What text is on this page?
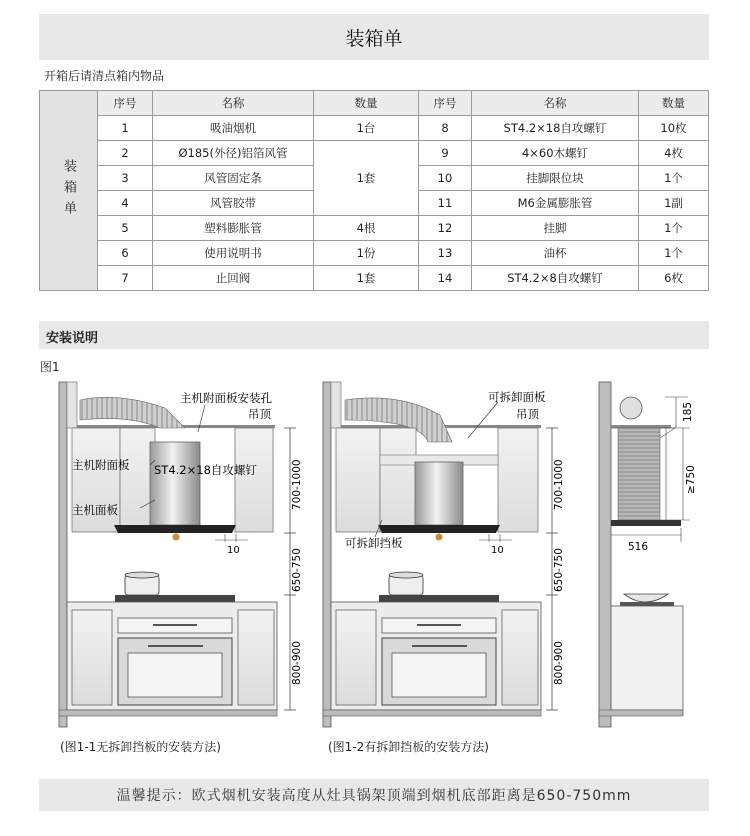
装箱单
开箱后请清点箱内物品
装箱单	序号	名称	数量	序号	名称	数量
	1	吸油烟机	1台	8	ST4.2×18自攻螺钉	10枚
	2	Ø185(外径)铝箔风管	1套	9	4×60木螺钉	4枚
	3	风管固定条		10	挂脚限位块	1个
	4	风管胶带		11	M6金属膨胀管	1副
	5	塑料膨胀管	4根	12	挂脚	1个
	6	使用说明书	1份	13	油杯	1个
	7	止回阀	1套	14	ST4.2×8自攻螺钉	6枚
安装说明
图1
10
700-1000
650-750
800-900
主机附面板安装孔
吊顶
主机附面板 ST4.2×18自攻螺钉
主机面板
10
700-1000
650-750
800-900
可拆卸面板
吊顶
可拆卸挡板
185
≥750
516
(图1-1无拆卸挡板的安装方法)	(图1-2有拆卸挡板的安装方法)
温馨提示：欧式烟机安装高度从灶具锅架顶端到烟机底部距离是650-750mm
